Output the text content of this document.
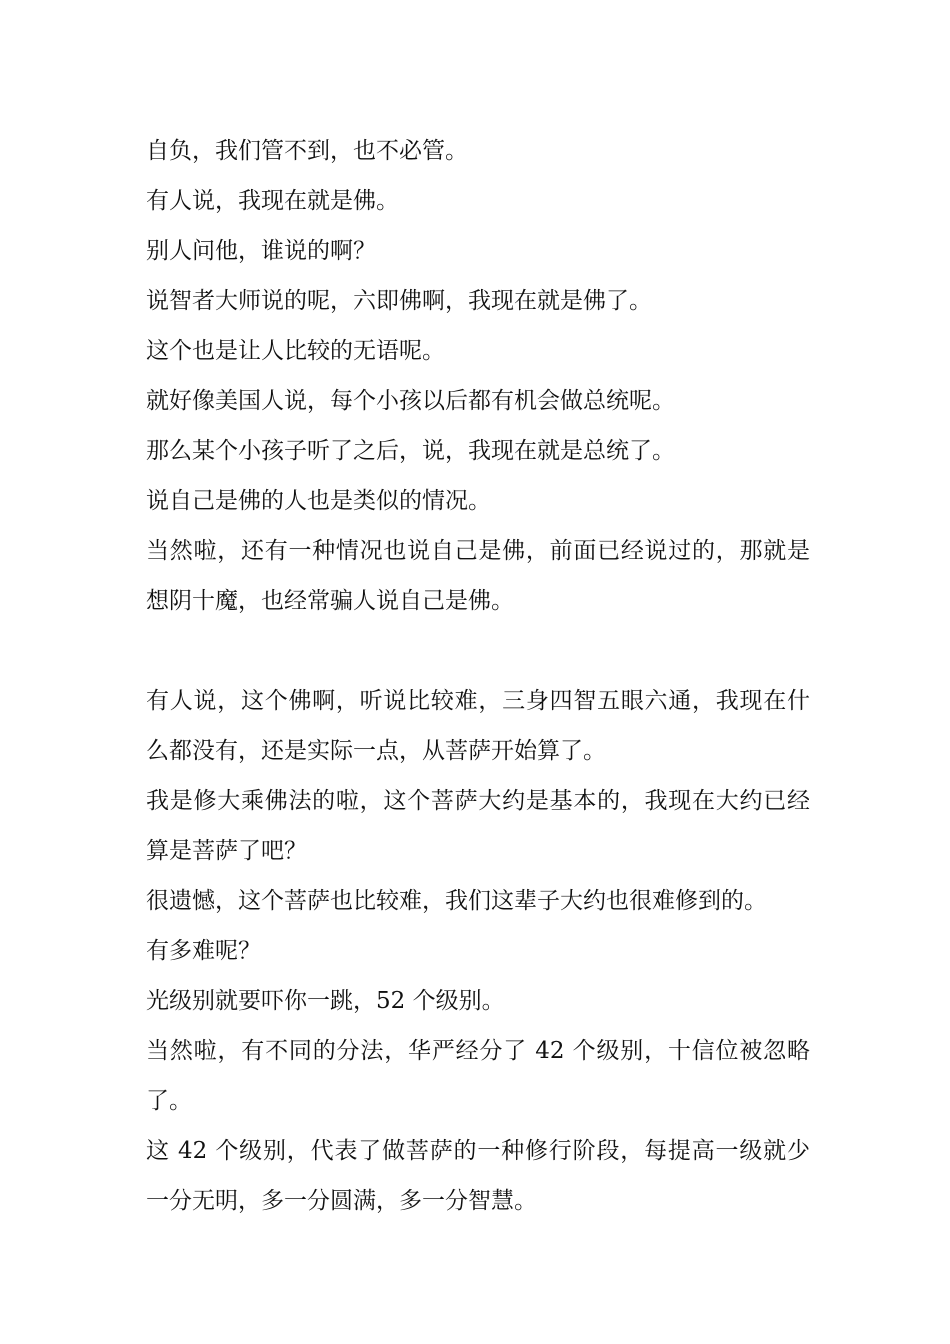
自负，我们管不到，也不必管。

有人说，我现在就是佛。

别人问他，谁说的啊？

说智者大师说的呢，六即佛啊，我现在就是佛了。

这个也是让人比较的无语呢。

就好像美国人说，每个小孩以后都有机会做总统呢。

那么某个小孩子听了之后，说，我现在就是总统了。

说自己是佛的人也是类似的情况。

当然啦，还有一种情况也说自己是佛，前面已经说过的，那就是想阴十魔，也经常骗人说自己是佛。

有人说，这个佛啊，听说比较难，三身四智五眼六通，我现在什么都没有，还是实际一点，从菩萨开始算了。

我是修大乘佛法的啦，这个菩萨大约是基本的，我现在大约已经算是菩萨了吧？

很遗憾，这个菩萨也比较难，我们这辈子大约也很难修到的。

有多难呢？

光级别就要吓你一跳，52 个级别。

当然啦，有不同的分法，华严经分了 42 个级别，十信位被忽略了。

这 42 个级别，代表了做菩萨的一种修行阶段，每提高一级就少一分无明，多一分圆满，多一分智慧。
